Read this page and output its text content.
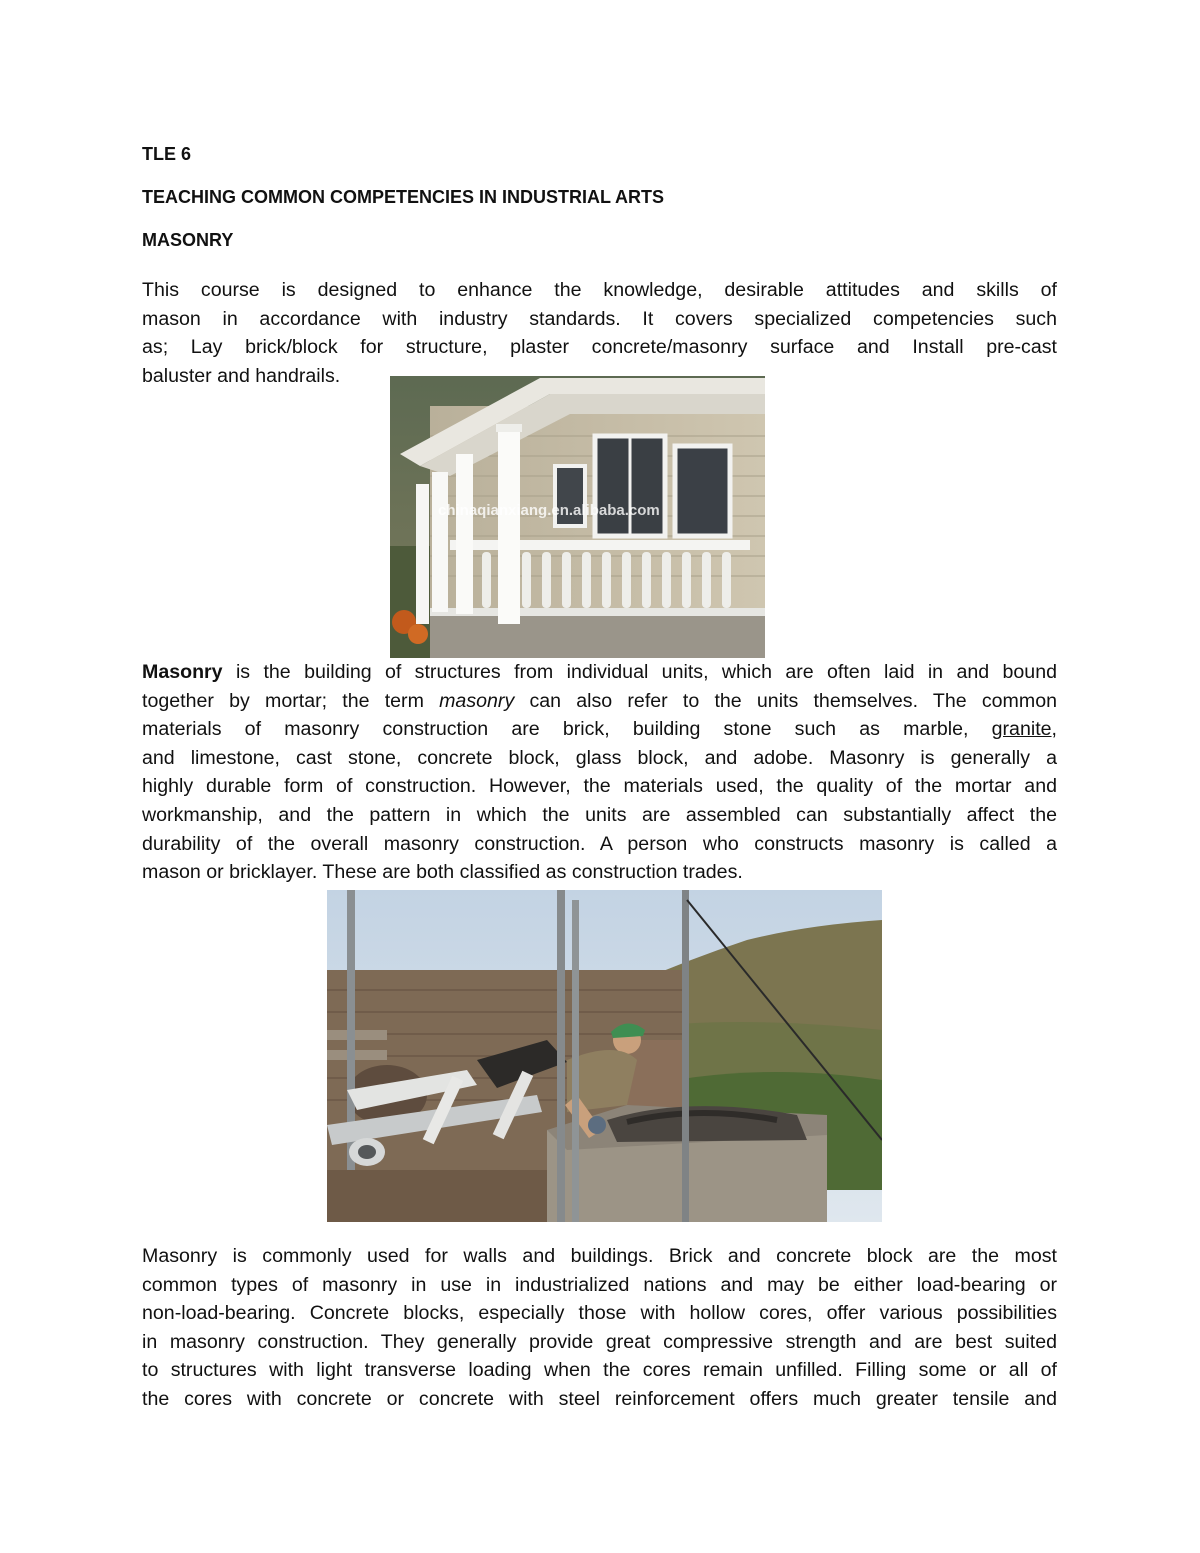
TLE 6

TEACHING COMMON COMPETENCIES IN INDUSTRIAL ARTS

MASONRY

This course is designed to enhance the knowledge, desirable attitudes and skills of
mason in accordance with industry standards. It covers specialized competencies such
as; Lay brick/block for structure, plaster concrete/masonry surface and Install pre-cast
baluster and handrails.
chinaqianxiang.en.alibaba.com
Masonry is the building of structures from individual units, which are often laid in and bound
together by mortar; the term masonry can also refer to the units themselves. The common
materials of masonry construction are brick, building stone such as marble, granite,
and limestone, cast stone, concrete block, glass block, and adobe. Masonry is generally a
highly durable form of construction. However, the materials used, the quality of the mortar and
workmanship, and the pattern in which the units are assembled can substantially affect the
durability of the overall masonry construction. A person who constructs masonry is called a
mason or bricklayer. These are both classified as construction trades.
Masonry is commonly used for walls and buildings. Brick and concrete block are the most
common types of masonry in use in industrialized nations and may be either load-bearing or
non-load-bearing. Concrete blocks, especially those with hollow cores, offer various possibilities
in masonry construction. They generally provide great compressive strength and are best suited
to structures with light transverse loading when the cores remain unfilled. Filling some or all of
the cores with concrete or concrete with steel reinforcement offers much greater tensile and
